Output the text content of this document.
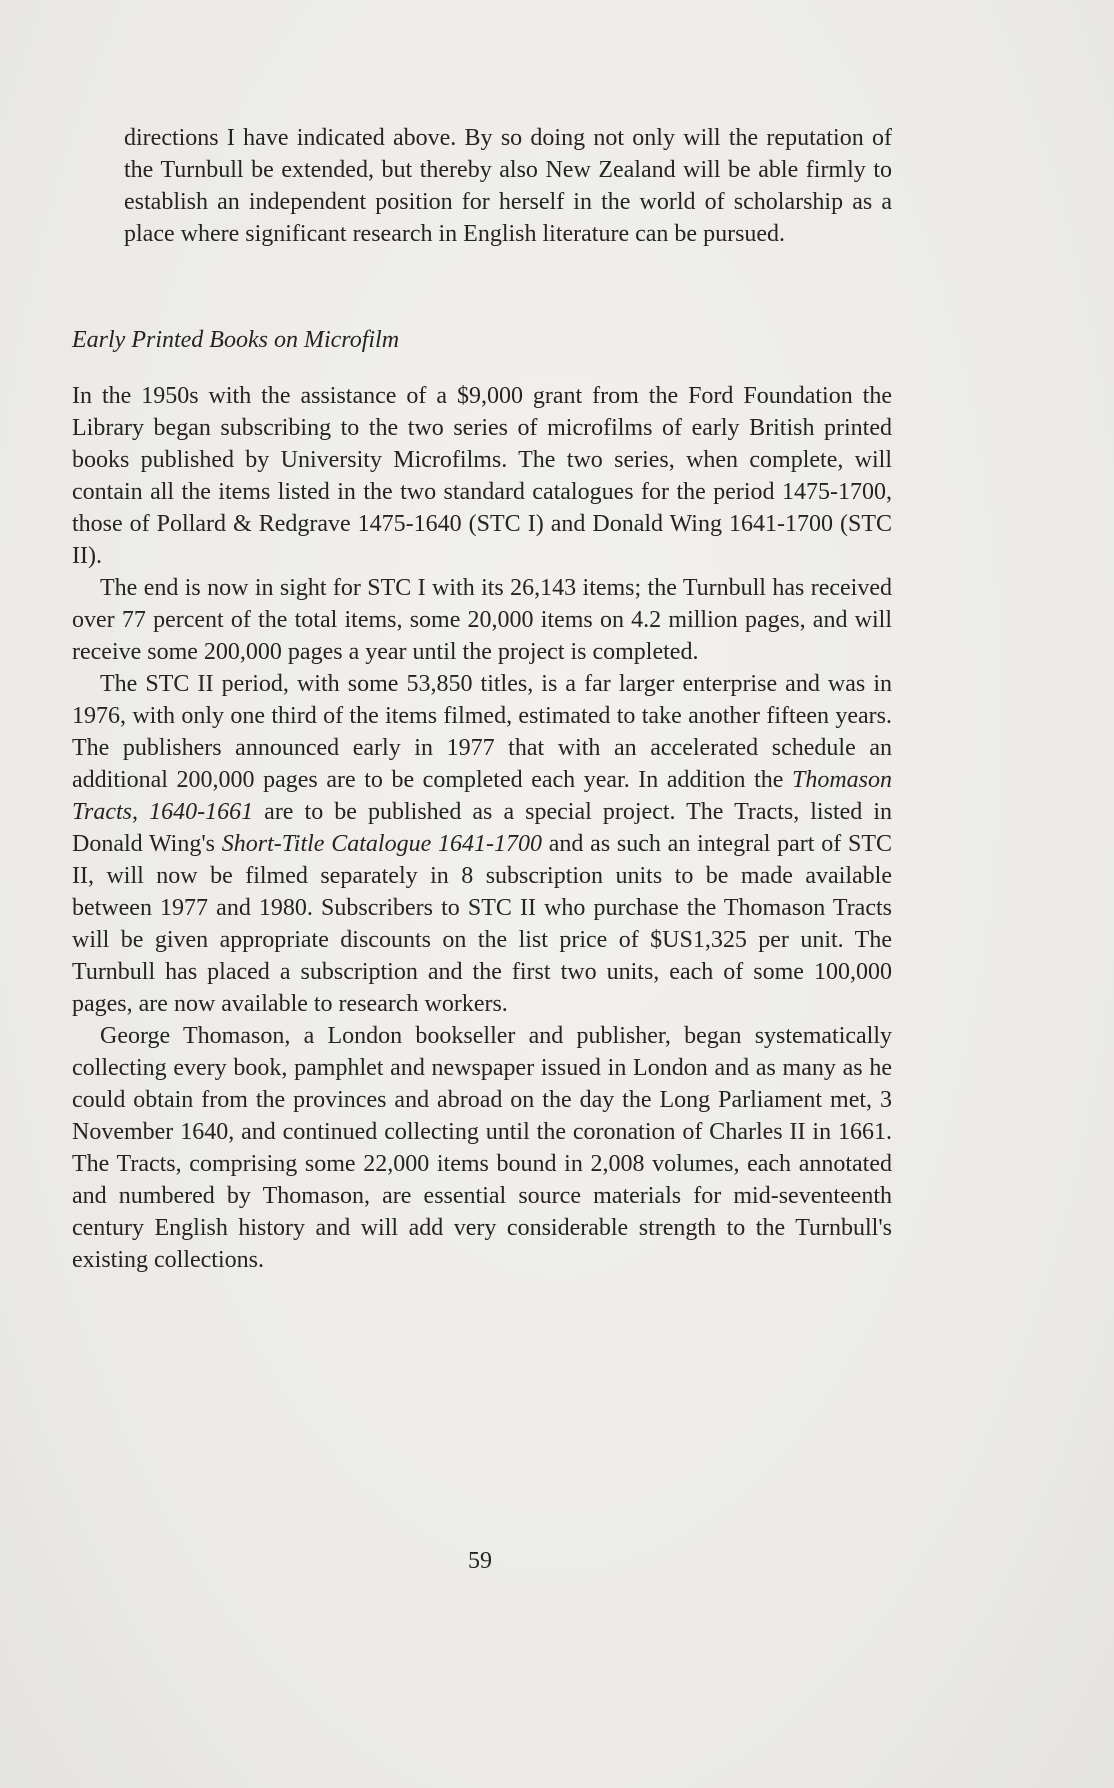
directions I have indicated above. By so doing not only will the reputation of the Turnbull be extended, but thereby also New Zealand will be able firmly to establish an independent position for herself in the world of scholarship as a place where significant research in English literature can be pursued.

Early Printed Books on Microfilm

In the 1950s with the assistance of a $9,000 grant from the Ford Foundation the Library began subscribing to the two series of microfilms of early British printed books published by University Microfilms. The two series, when complete, will contain all the items listed in the two standard catalogues for the period 1475-1700, those of Pollard & Redgrave 1475-1640 (STC I) and Donald Wing 1641-1700 (STC II).

The end is now in sight for STC I with its 26,143 items; the Turnbull has received over 77 percent of the total items, some 20,000 items on 4.2 million pages, and will receive some 200,000 pages a year until the project is completed.

The STC II period, with some 53,850 titles, is a far larger enterprise and was in 1976, with only one third of the items filmed, estimated to take another fifteen years. The publishers announced early in 1977 that with an accelerated schedule an additional 200,000 pages are to be completed each year. In addition the Thomason Tracts, 1640-1661 are to be published as a special project. The Tracts, listed in Donald Wing's Short-Title Catalogue 1641-1700 and as such an integral part of STC II, will now be filmed separately in 8 subscription units to be made available between 1977 and 1980. Subscribers to STC II who purchase the Thomason Tracts will be given appropriate discounts on the list price of $US1,325 per unit. The Turnbull has placed a subscription and the first two units, each of some 100,000 pages, are now available to research workers.

George Thomason, a London bookseller and publisher, began systematically collecting every book, pamphlet and newspaper issued in London and as many as he could obtain from the provinces and abroad on the day the Long Parliament met, 3 November 1640, and continued collecting until the coronation of Charles II in 1661. The Tracts, comprising some 22,000 items bound in 2,008 volumes, each annotated and numbered by Thomason, are essential source materials for mid-seventeenth century English history and will add very considerable strength to the Turnbull's existing collections.

59
